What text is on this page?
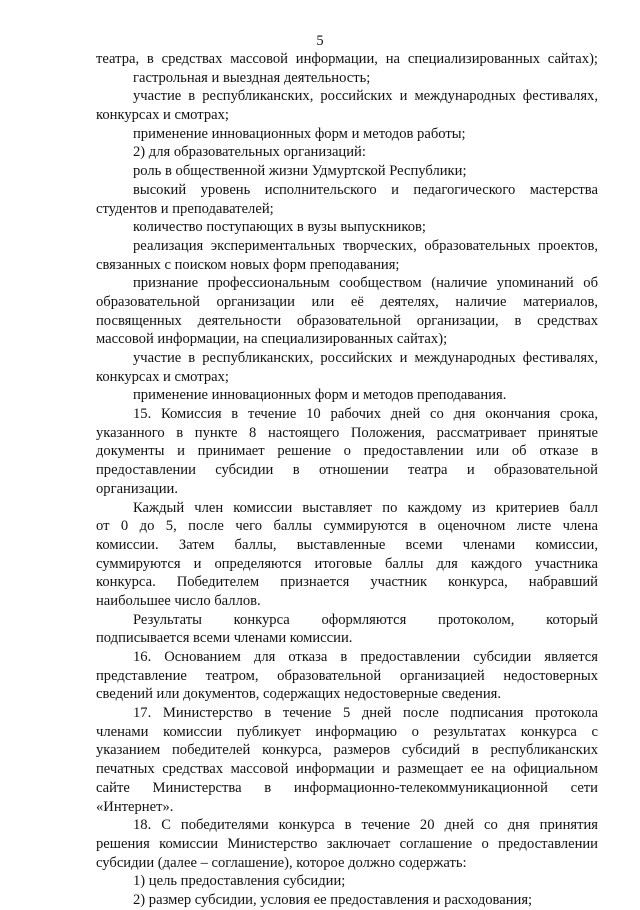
5
театра, в средствах массовой информации, на специализированных сайтах);
гастрольная и выездная деятельность;
участие в республиканских, российских и международных фестивалях,
конкурсах и смотрах;
применение инновационных форм и методов работы;
2) для образовательных организаций:
роль в общественной жизни Удмуртской Республики;
высокий уровень исполнительского и педагогического мастерства
студентов и преподавателей;
количество поступающих в вузы выпускников;
реализация экспериментальных творческих, образовательных проектов,
связанных с поиском новых форм преподавания;
признание профессиональным сообществом (наличие упоминаний об
образовательной организации или её деятелях, наличие материалов,
посвященных деятельности образовательной организации, в средствах
массовой информации, на специализированных сайтах);
участие в республиканских, российских и международных фестивалях,
конкурсах и смотрах;
применение инновационных форм и методов преподавания.
15. Комиссия в течение 10 рабочих дней со дня окончания срока,
указанного в пункте 8 настоящего Положения, рассматривает принятые
документы и принимает решение о предоставлении или об отказе в
предоставлении субсидии в отношении театра и образовательной
организации.
Каждый член комиссии выставляет по каждому из критериев балл
от 0 до 5, после чего баллы суммируются в оценочном листе члена
комиссии. Затем баллы, выставленные всеми членами комиссии,
суммируются и определяются итоговые баллы для каждого участника
конкурса. Победителем признается участник конкурса, набравший
наибольшее число баллов.
Результаты конкурса оформляются протоколом, который
подписывается всеми членами комиссии.
16. Основанием для отказа в предоставлении субсидии является
представление театром, образовательной организацией недостоверных
сведений или документов, содержащих недостоверные сведения.
17. Министерство в течение 5 дней после подписания протокола
членами комиссии публикует информацию о результатах конкурса с
указанием победителей конкурса, размеров субсидий в республиканских
печатных средствах массовой информации и размещает ее на официальном
сайте Министерства в информационно-телекоммуникационной сети
«Интернет».
18. С победителями конкурса в течение 20 дней со дня принятия
решения комиссии Министерство заключает соглашение о предоставлении
субсидии (далее – соглашение), которое должно содержать:
1) цель предоставления субсидии;
2) размер субсидии, условия ее предоставления и расходования;
